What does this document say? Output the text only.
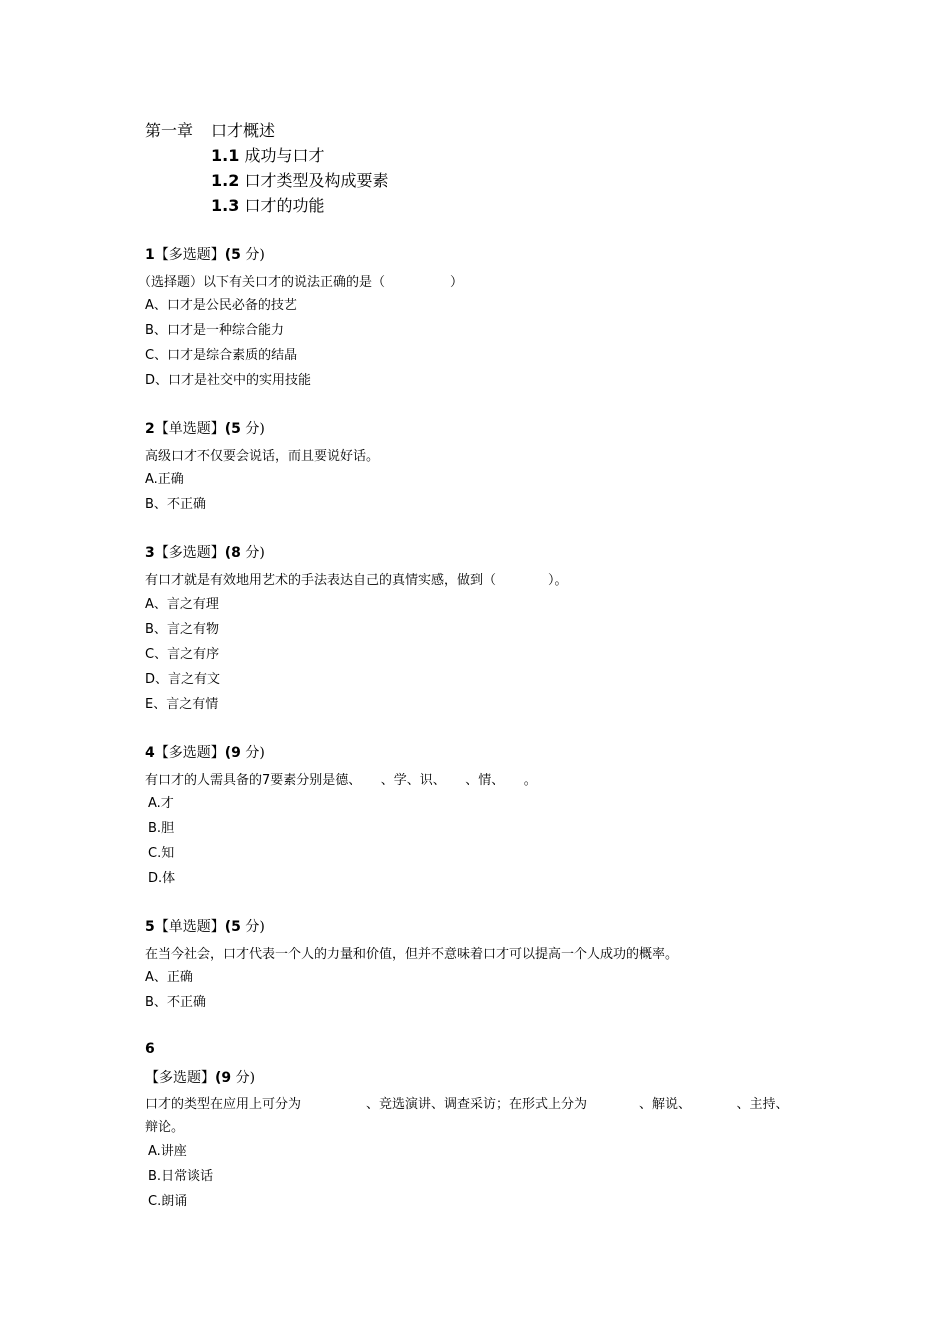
第一章 口才概述
1.1 成功与口才
1.2 口才类型及构成要素
1.3 口才的功能
1【多选题】(5 分)
（选择题）以下有关口才的说法正确的是（　　　　　）
A、口才是公民必备的技艺
B、口才是一种综合能力
C、口才是综合素质的结晶
D、口才是社交中的实用技能
2【单选题】(5 分)
高级口才不仅要会说话，而且要说好话。
A.正确
B、不正确
3【多选题】(8 分)
有口才就是有效地用艺术的手法表达自己的真情实感，做到（　　　　）。
A、言之有理
B、言之有物
C、言之有序
D、言之有文
E、言之有情
4【多选题】(9 分)
有口才的人需具备的7要素分别是德、　　、学、识、　　、情、　　。
A.才
B.胆
C.知
D.体
5【单选题】(5 分)
在当今社会，口才代表一个人的力量和价值，但并不意味着口才可以提高一个人成功的概率。
A、正确
B、不正确
6
【多选题】(9 分)
口才的类型在应用上可分为　　　　　、竞选演讲、调查采访；在形式上分为　　　　、解说、　　　　、主持、
辩论。
A.讲座
B.日常谈话
C.朗诵
